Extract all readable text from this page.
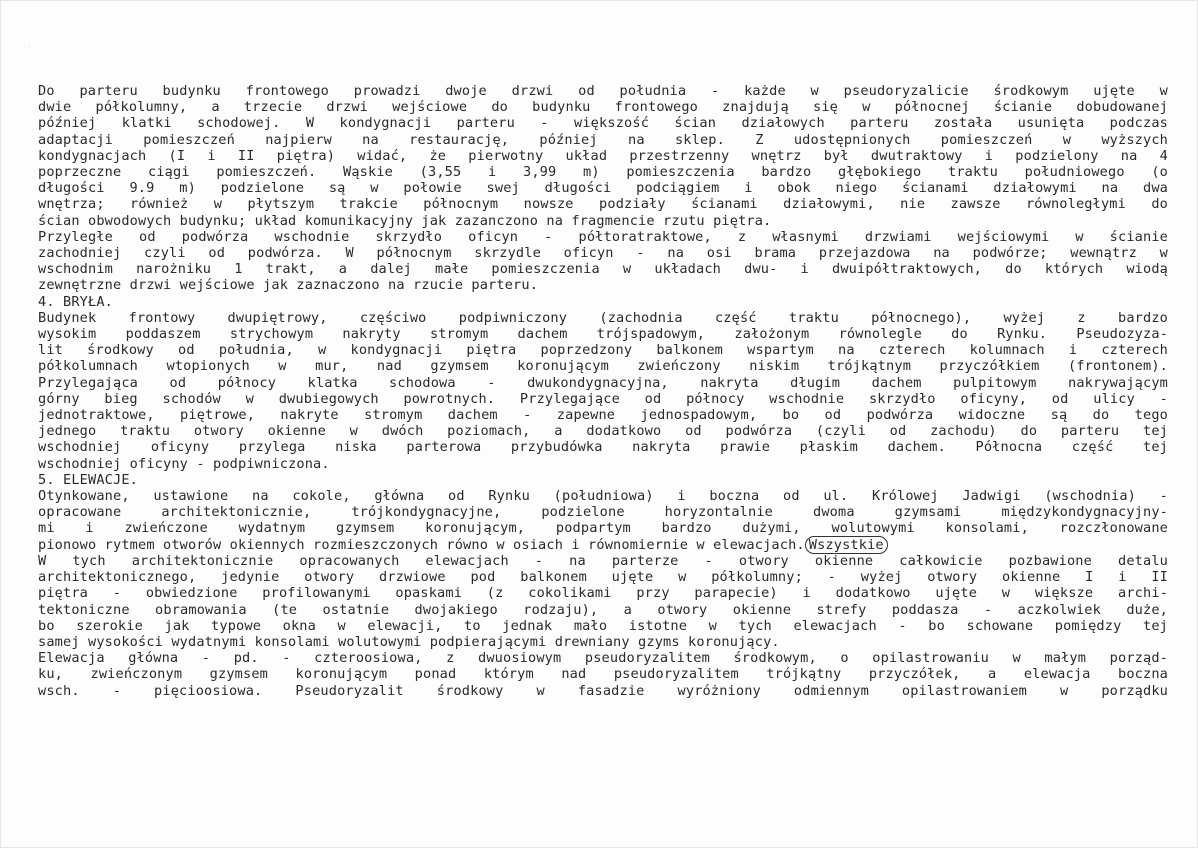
·
Do parteru budynku frontowego prowadzi dwoje drzwi od południa - każde w pseudoryzalicie środkowym ujęte w
dwie półkolumny, a trzecie drzwi wejściowe do budynku frontowego znajdują się w północnej ścianie dobudowanej
później klatki schodowej. W kondygnacji parteru - większość ścian działowych parteru została usunięta podczas
adaptacji pomieszczeń najpierw na restaurację, później na sklep. Z udostępnionych pomieszczeń w wyższych
kondygnacjach (I i II piętra) widać, że pierwotny układ przestrzenny wnętrz był dwutraktowy i podzielony na 4
poprzeczne ciągi pomieszczeń. Wąskie (3,55 i 3,99 m) pomieszczenia bardzo głębokiego traktu południowego (o
długości 9.9 m) podzielone są w połowie swej długości podciągiem i obok niego ścianami działowymi na dwa
wnętrza; również w płytszym trakcie północnym nowsze podziały ścianami działowymi, nie zawsze równoległymi do
ścian obwodowych budynku; układ komunikacyjny jak zazanczono na fragmencie rzutu piętra.
Przyległe od podwórza wschodnie skrzydło oficyn - półtoratraktowe, z własnymi drzwiami wejściowymi w ścianie
zachodniej czyli od podwórza. W północnym skrzydle oficyn - na osi brama przejazdowa na podwórze; wewnątrz w
wschodnim narożniku 1 trakt, a dalej małe pomieszczenia w układach dwu- i dwuipółtraktowych, do których wiodą
zewnętrzne drzwi wejściowe jak zaznaczono na rzucie parteru.
4. BRYŁA.
Budynek frontowy dwupiętrowy, częściwo podpiwniczony (zachodnia część traktu północnego), wyżej z bardzo
wysokim poddaszem strychowym nakryty stromym dachem trójspadowym, założonym równolegle do Rynku. Pseudozyza-
lit środkowy od południa, w kondygnacji piętra poprzedzony balkonem wspartym na czterech kolumnach i czterech
półkolumnach wtopionych w mur, nad gzymsem koronującym zwieńczony niskim trójkątnym przyczółkiem (frontonem).
Przylegająca od północy klatka schodowa - dwukondygnacyjna, nakryta długim dachem pulpitowym nakrywającym
górny bieg schodów w dwubiegowych powrotnych. Przylegające od północy wschodnie skrzydło oficyny, od ulicy -
jednotraktowe, piętrowe, nakryte stromym dachem - zapewne jednospadowym, bo od podwórza widoczne są do tego
jednego traktu otwory okienne w dwóch poziomach, a dodatkowo od podwórza (czyli od zachodu) do parteru tej
wschodniej oficyny przylega niska parterowa przybudówka nakryta prawie płaskim dachem. Północna część tej
wschodniej oficyny - podpiwniczona.
5. ELEWACJE.
Otynkowane, ustawione na cokole, główna od Rynku (południowa) i boczna od ul. Królowej Jadwigi (wschodnia) -
opracowane architektonicznie, trójkondygnacyjne, podzielone horyzontalnie dwoma gzymsami międzykondygnacyjny-
mi i zwieńczone wydatnym gzymsem koronującym, podpartym bardzo dużymi, wolutowymi konsolami, rozczłonowane
pionowo rytmem otworów okiennych rozmieszczonych równo w osiach i równomiernie w elewacjach. Wszystkie
W tych architektonicznie opracowanych elewacjach - na parterze - otwory okienne całkowicie pozbawione detalu
architektonicznego, jedynie otwory drzwiowe pod balkonem ujęte w półkolumny; - wyżej otwory okienne I i II
piętra - obwiedzione profilowanymi opaskami (z cokolikami przy parapecie) i dodatkowo ujęte w większe archi-
tektoniczne obramowania (te ostatnie dwojakiego rodzaju), a otwory okienne strefy poddasza - aczkolwiek duże,
bo szerokie jak typowe okna w elewacji, to jednak mało istotne w tych elewacjach - bo schowane pomiędzy tej
samej wysokości wydatnymi konsolami wolutowymi podpierającymi drewniany gzyms koronujący.
Elewacja główna - pd. - czteroosiowa, z dwuosiowym pseudoryzalitem środkowym, o opilastrowaniu w małym porząd-
ku, zwieńczonym gzymsem koronującym ponad którym nad pseudoryzalitem trójkątny przyczółek, a elewacja boczna
wsch. - pięcioosiowa. Pseudoryzalit środkowy w fasadzie wyróżniony odmiennym opilastrowaniem w porządku
